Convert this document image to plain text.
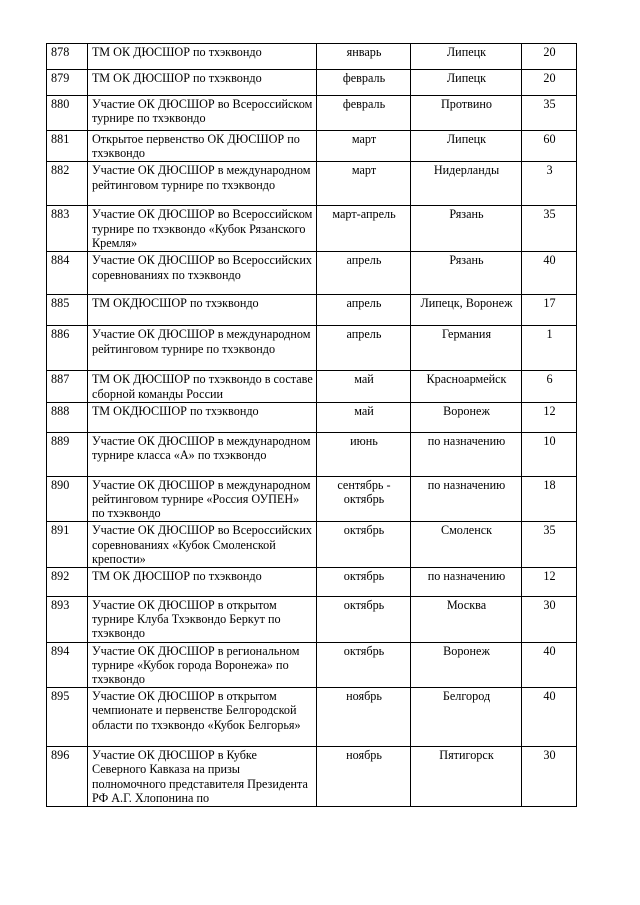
878	ТМ ОК ДЮСШОР по тхэквондо	январь	Липецк	20
879	ТМ ОК ДЮСШОР по тхэквондо	февраль	Липецк	20
880	Участие ОК ДЮСШОР во Всероссийском турнире по тхэквондо	февраль	Протвино	35
881	Открытое первенство ОК ДЮСШОР по тхэквондо	март	Липецк	60
882	Участие ОК ДЮСШОР в международном рейтинговом турнире по тхэквондо	март	Нидерланды	3
883	Участие ОК ДЮСШОР во Всероссийском турнире по тхэквондо «Кубок Рязанского Кремля»	март-апрель	Рязань	35
884	Участие ОК ДЮСШОР во Всероссийских соревнованиях по тхэквондо	апрель	Рязань	40
885	ТМ ОКДЮСШОР по тхэквондо	апрель	Липецк, Воронеж	17
886	Участие ОК ДЮСШОР в международном рейтинговом турнире по тхэквондо	апрель	Германия	1
887	ТМ ОК ДЮСШОР по тхэквондо в составе сборной команды России	май	Красноармейск	6
888	ТМ ОКДЮСШОР по тхэквондо	май	Воронеж	12
889	Участие ОК ДЮСШОР в международном турнире класса «А» по тхэквондо	июнь	по назначению	10
890	Участие ОК ДЮСШОР в международном рейтинговом турнире «Россия ОУПЕН» по тхэквондо	сентябрь - октябрь	по назначению	18
891	Участие ОК ДЮСШОР во Всероссийских соревнованиях «Кубок Смоленской крепости»	октябрь	Смоленск	35
892	ТМ ОК ДЮСШОР по тхэквондо	октябрь	по назначению	12
893	Участие ОК ДЮСШОР в открытом турнире Клуба Тхэквондо Беркут по тхэквондо	октябрь	Москва	30
894	Участие ОК ДЮСШОР в региональном турнире «Кубок города Воронежа» по тхэквондо	октябрь	Воронеж	40
895	Участие ОК ДЮСШОР в открытом чемпионате и первенстве Белгородской области по тхэквондо «Кубок Белгорья»	ноябрь	Белгород	40
896	Участие ОК ДЮСШОР в Кубке Северного Кавказа на призы полномочного представителя Президента РФ А.Г. Хлопонина по	ноябрь	Пятигорск	30
